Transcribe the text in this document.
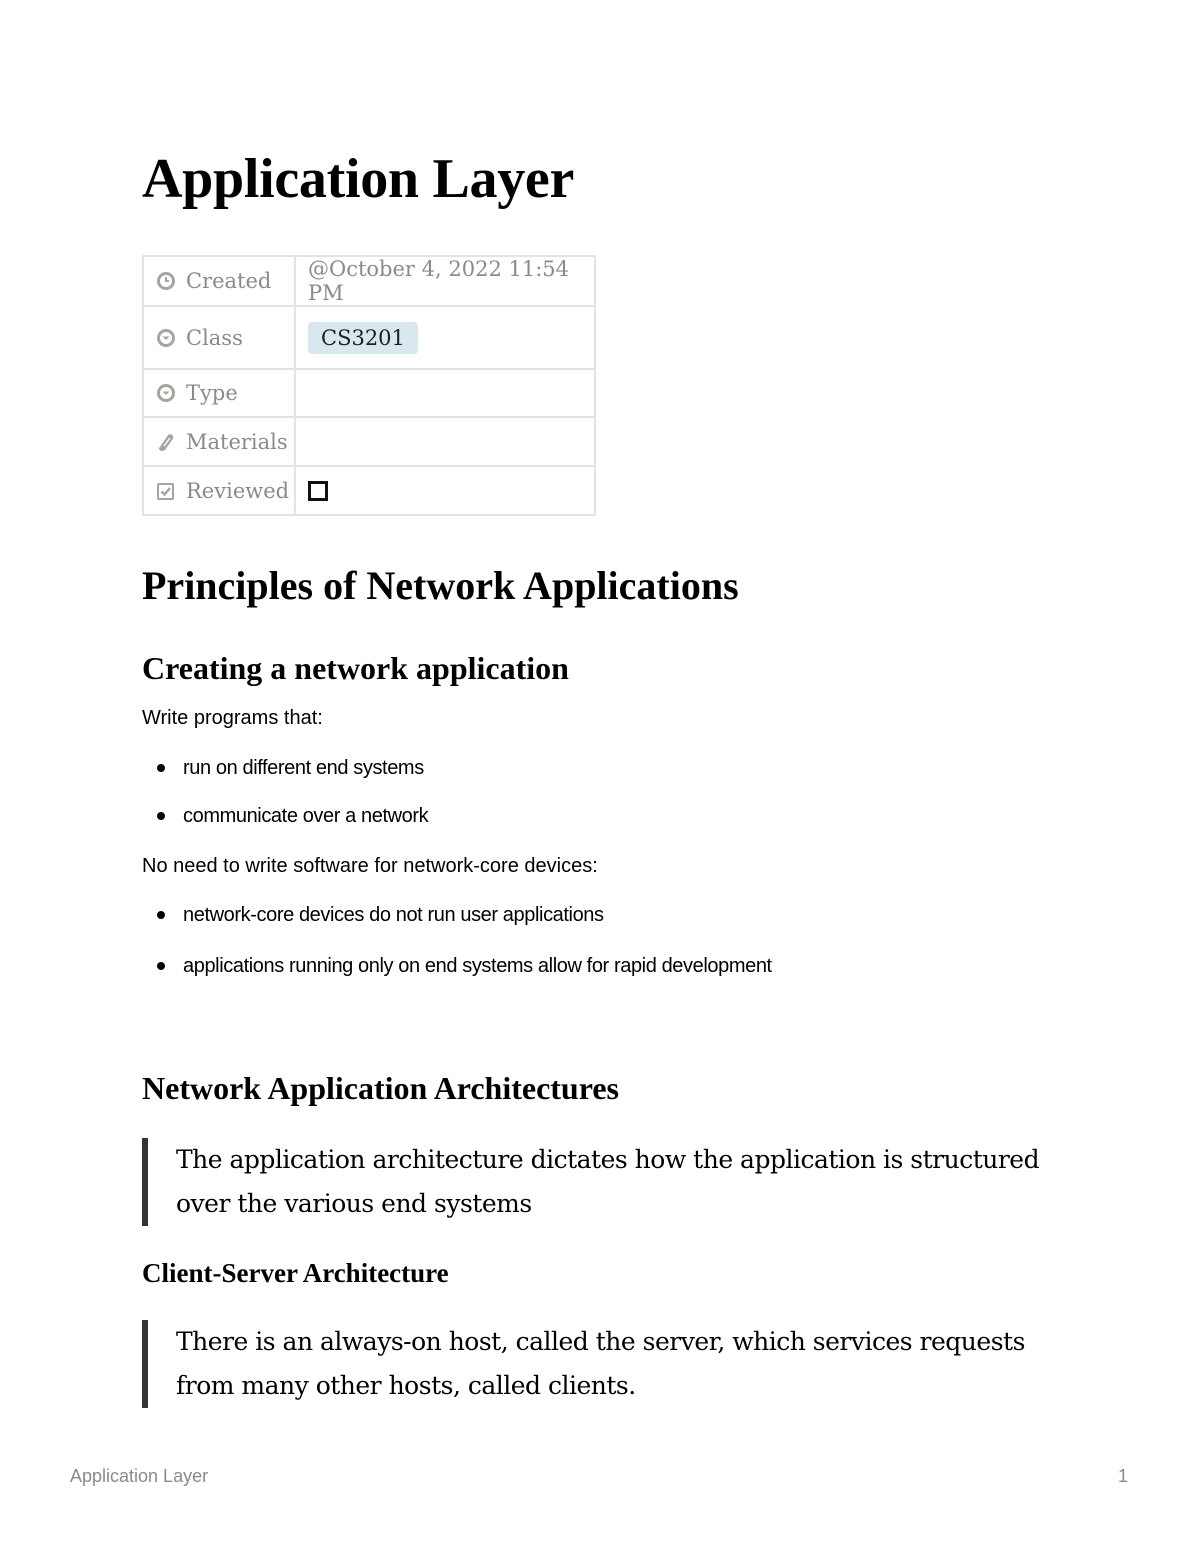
Application Layer
Created	@October 4, 2022 11:54 PM

Class	CS3201

Type	

Materials	

Reviewed	

Principles of Network Applications
Creating a network application

Write programs that:

run on different end systems
communicate over a network

No need to write software for network-core devices:

network-core devices do not run user applications
applications running only on end systems allow for rapid development
Network Application Architectures
The application architecture dictates how the application is structured over the various end systems
Client-Server Architecture
There is an always-on host, called the server, which services requests from many other hosts, called clients.
Application Layer	1
